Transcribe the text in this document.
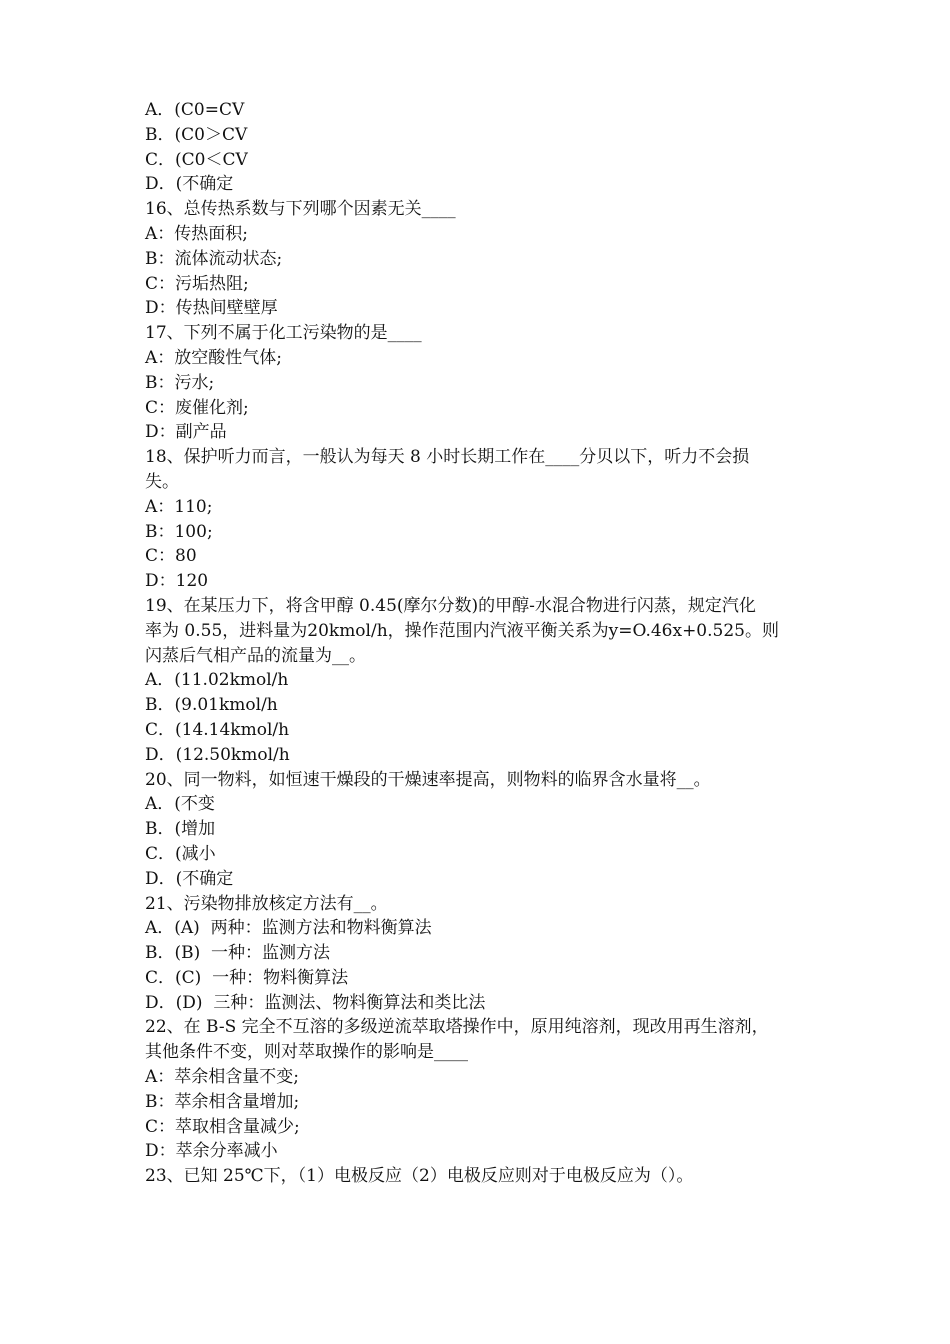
A．(C0=CV

B．(C0＞CV

C．(C0＜CV

D．(不确定

16、总传热系数与下列哪个因素无关____

A：传热面积;

B：流体流动状态;

C：污垢热阻;

D：传热间壁壁厚

17、下列不属于化工污染物的是____

A：放空酸性气体;

B：污水;

C：废催化剂;

D：副产品

18、保护听力而言，一般认为每天 8 小时长期工作在____分贝以下，听力不会损

失。

A：110;

B：100;

C：80

D：120

19、在某压力下，将含甲醇 0.45(摩尔分数)的甲醇-水混合物进行闪蒸，规定汽化

率为 0.55，进料量为20kmol/h，操作范围内汽液平衡关系为y=O.46x+0.525。则

闪蒸后气相产品的流量为__。

A．(11.02kmol/h

B．(9.01kmol/h

C．(14.14kmol/h

D．(12.50kmol/h

20、同一物料，如恒速干燥段的干燥速率提高，则物料的临界含水量将__。

A．(不变

B．(增加

C．(减小

D．(不确定

21、污染物排放核定方法有__。

A．(A)  两种：监测方法和物料衡算法

B．(B)  一种：监测方法

C．(C)  一种：物料衡算法

D．(D)  三种：监测法、物料衡算法和类比法

22、在 B-S 完全不互溶的多级逆流萃取塔操作中，原用纯溶剂，现改用再生溶剂，

其他条件不变，则对萃取操作的影响是____

A：萃余相含量不变;

B：萃余相含量增加;

C：萃取相含量减少;

D：萃余分率减小

23、已知 25℃下，（1）电极反应（2）电极反应则对于电极反应为（）。
